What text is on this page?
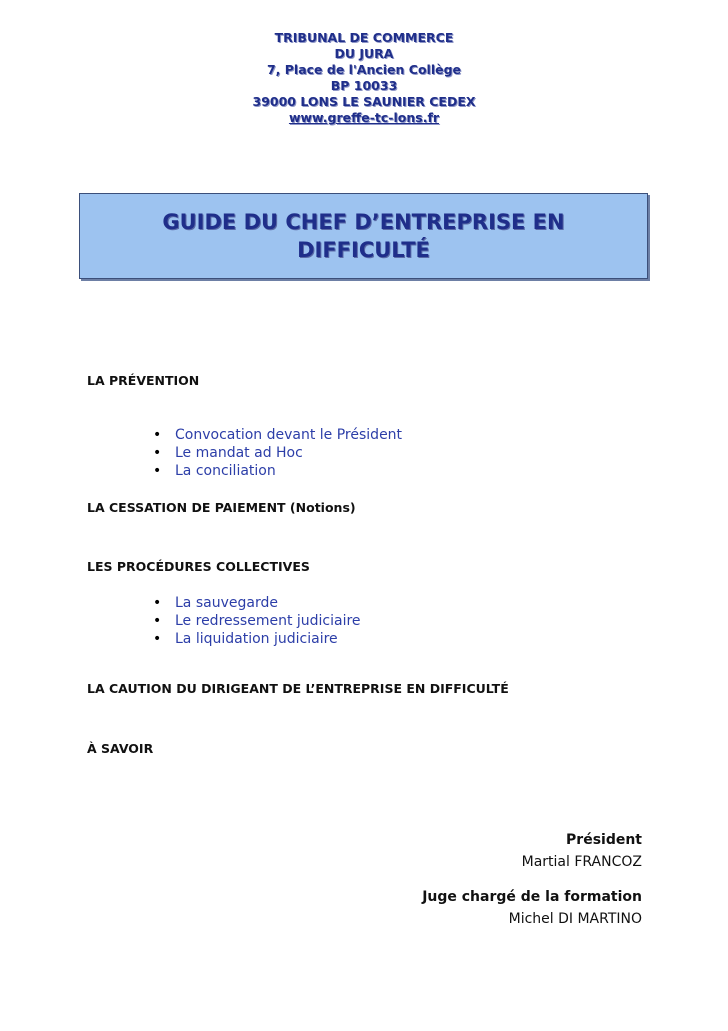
TRIBUNAL DE COMMERCE
DU JURA
7, Place de l'Ancien Collège
BP 10033
39000 LONS LE SAUNIER CEDEX
www.greffe-tc-lons.fr
GUIDE DU CHEF D’ENTREPRISE EN
DIFFICULTÉ
LA PRÉVENTION
• Convocation devant le Président
• Le mandat ad Hoc
• La conciliation
LA CESSATION DE PAIEMENT (Notions)
LES PROCÉDURES COLLECTIVES
• La sauvegarde
• Le redressement judiciaire
• La liquidation judiciaire
LA CAUTION DU DIRIGEANT DE L’ENTREPRISE EN DIFFICULTÉ
À SAVOIR
Président
Martial FRANCOZ
Juge chargé de la formation
Michel DI MARTINO
